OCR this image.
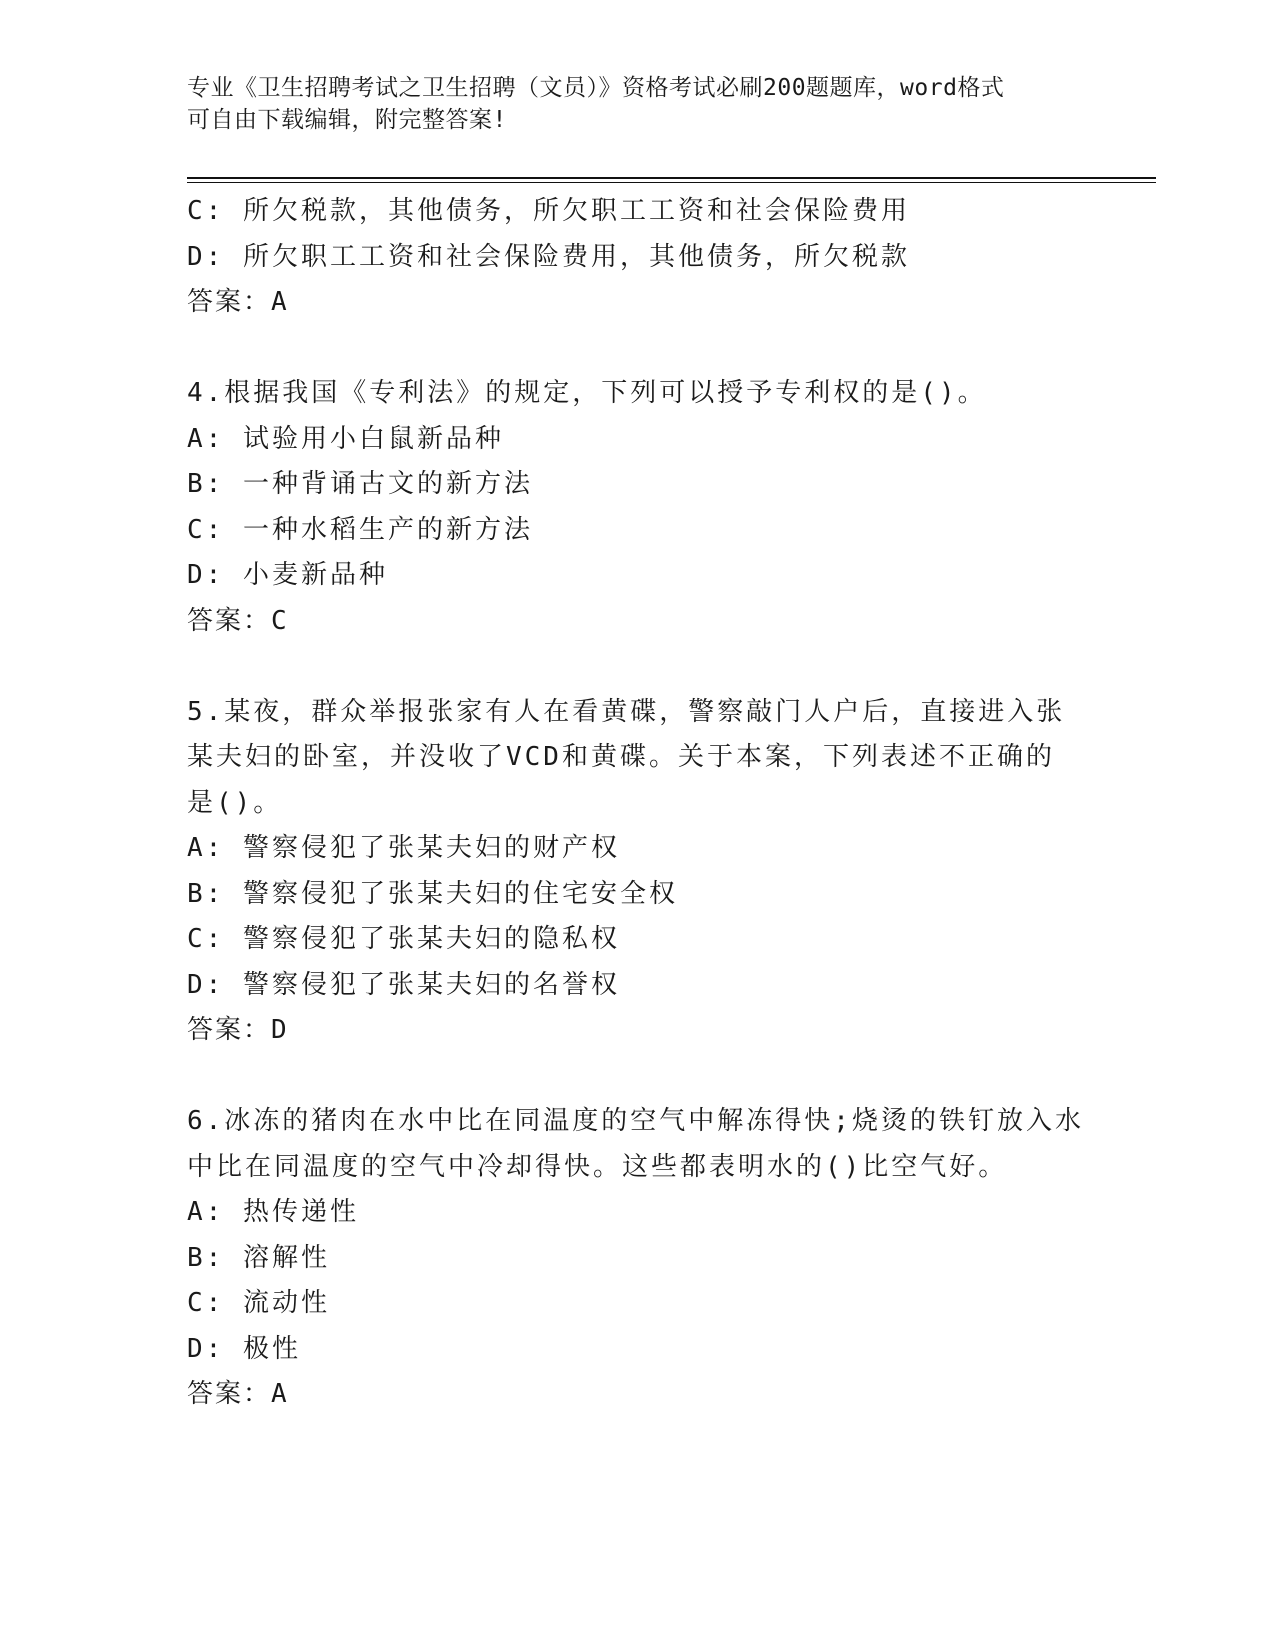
专业《卫生招聘考试之卫生招聘（文员）》资格考试必刷200题题库，word格式
可自由下载编辑，附完整答案!
C: 所欠税款，其他债务，所欠职工工资和社会保险费用
D: 所欠职工工资和社会保险费用，其他债务，所欠税款
答案：A
4.根据我国《专利法》的规定，下列可以授予专利权的是()。
A: 试验用小白鼠新品种
B: 一种背诵古文的新方法
C: 一种水稻生产的新方法
D: 小麦新品种
答案：C
5.某夜，群众举报张家有人在看黄碟，警察敲门人户后，直接进入张
某夫妇的卧室，并没收了VCD和黄碟。关于本案，下列表述不正确的
是()。
A: 警察侵犯了张某夫妇的财产权
B: 警察侵犯了张某夫妇的住宅安全权
C: 警察侵犯了张某夫妇的隐私权
D: 警察侵犯了张某夫妇的名誉权
答案：D
6.冰冻的猪肉在水中比在同温度的空气中解冻得快;烧烫的铁钉放入水
中比在同温度的空气中冷却得快。这些都表明水的()比空气好。
A: 热传递性
B: 溶解性
C: 流动性
D: 极性
答案：A
